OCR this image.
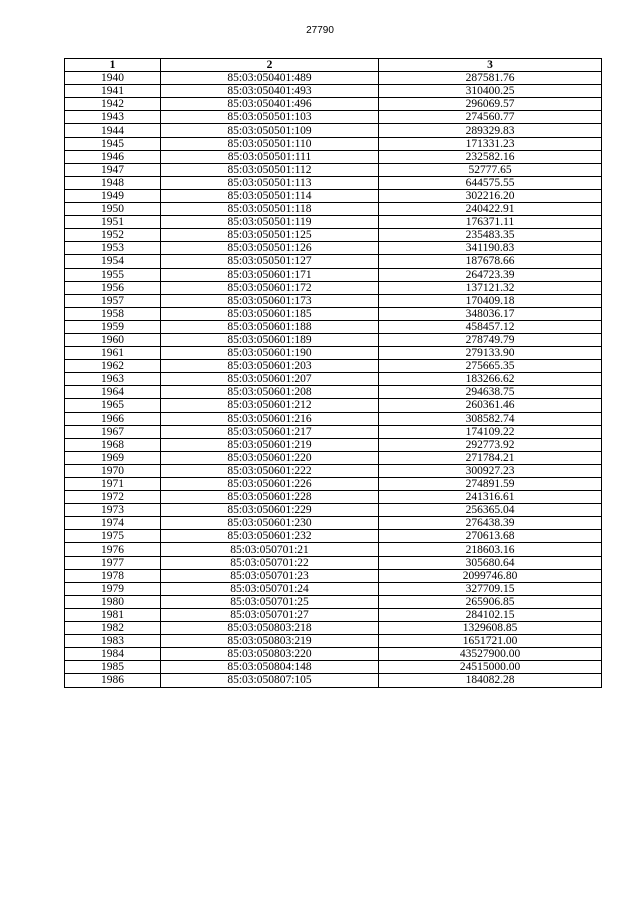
27790
1	2	3
1940	85:03:050401:489	287581.76
1941	85:03:050401:493	310400.25
1942	85:03:050401:496	296069.57
1943	85:03:050501:103	274560.77
1944	85:03:050501:109	289329.83
1945	85:03:050501:110	171331.23
1946	85:03:050501:111	232582.16
1947	85:03:050501:112	52777.65
1948	85:03:050501:113	644575.55
1949	85:03:050501:114	302216.20
1950	85:03:050501:118	240422.91
1951	85:03:050501:119	176371.11
1952	85:03:050501:125	235483.35
1953	85:03:050501:126	341190.83
1954	85:03:050501:127	187678.66
1955	85:03:050601:171	264723.39
1956	85:03:050601:172	137121.32
1957	85:03:050601:173	170409.18
1958	85:03:050601:185	348036.17
1959	85:03:050601:188	458457.12
1960	85:03:050601:189	278749.79
1961	85:03:050601:190	279133.90
1962	85:03:050601:203	275665.35
1963	85:03:050601:207	183266.62
1964	85:03:050601:208	294638.75
1965	85:03:050601:212	260361.46
1966	85:03:050601:216	308582.74
1967	85:03:050601:217	174109.22
1968	85:03:050601:219	292773.92
1969	85:03:050601:220	271784.21
1970	85:03:050601:222	300927.23
1971	85:03:050601:226	274891.59
1972	85:03:050601:228	241316.61
1973	85:03:050601:229	256365.04
1974	85:03:050601:230	276438.39
1975	85:03:050601:232	270613.68
1976	85:03:050701:21	218603.16
1977	85:03:050701:22	305680.64
1978	85:03:050701:23	2099746.80
1979	85:03:050701:24	327709.15
1980	85:03:050701:25	265906.85
1981	85:03:050701:27	284102.15
1982	85:03:050803:218	1329608.85
1983	85:03:050803:219	1651721.00
1984	85:03:050803:220	43527900.00
1985	85:03:050804:148	24515000.00
1986	85:03:050807:105	184082.28
